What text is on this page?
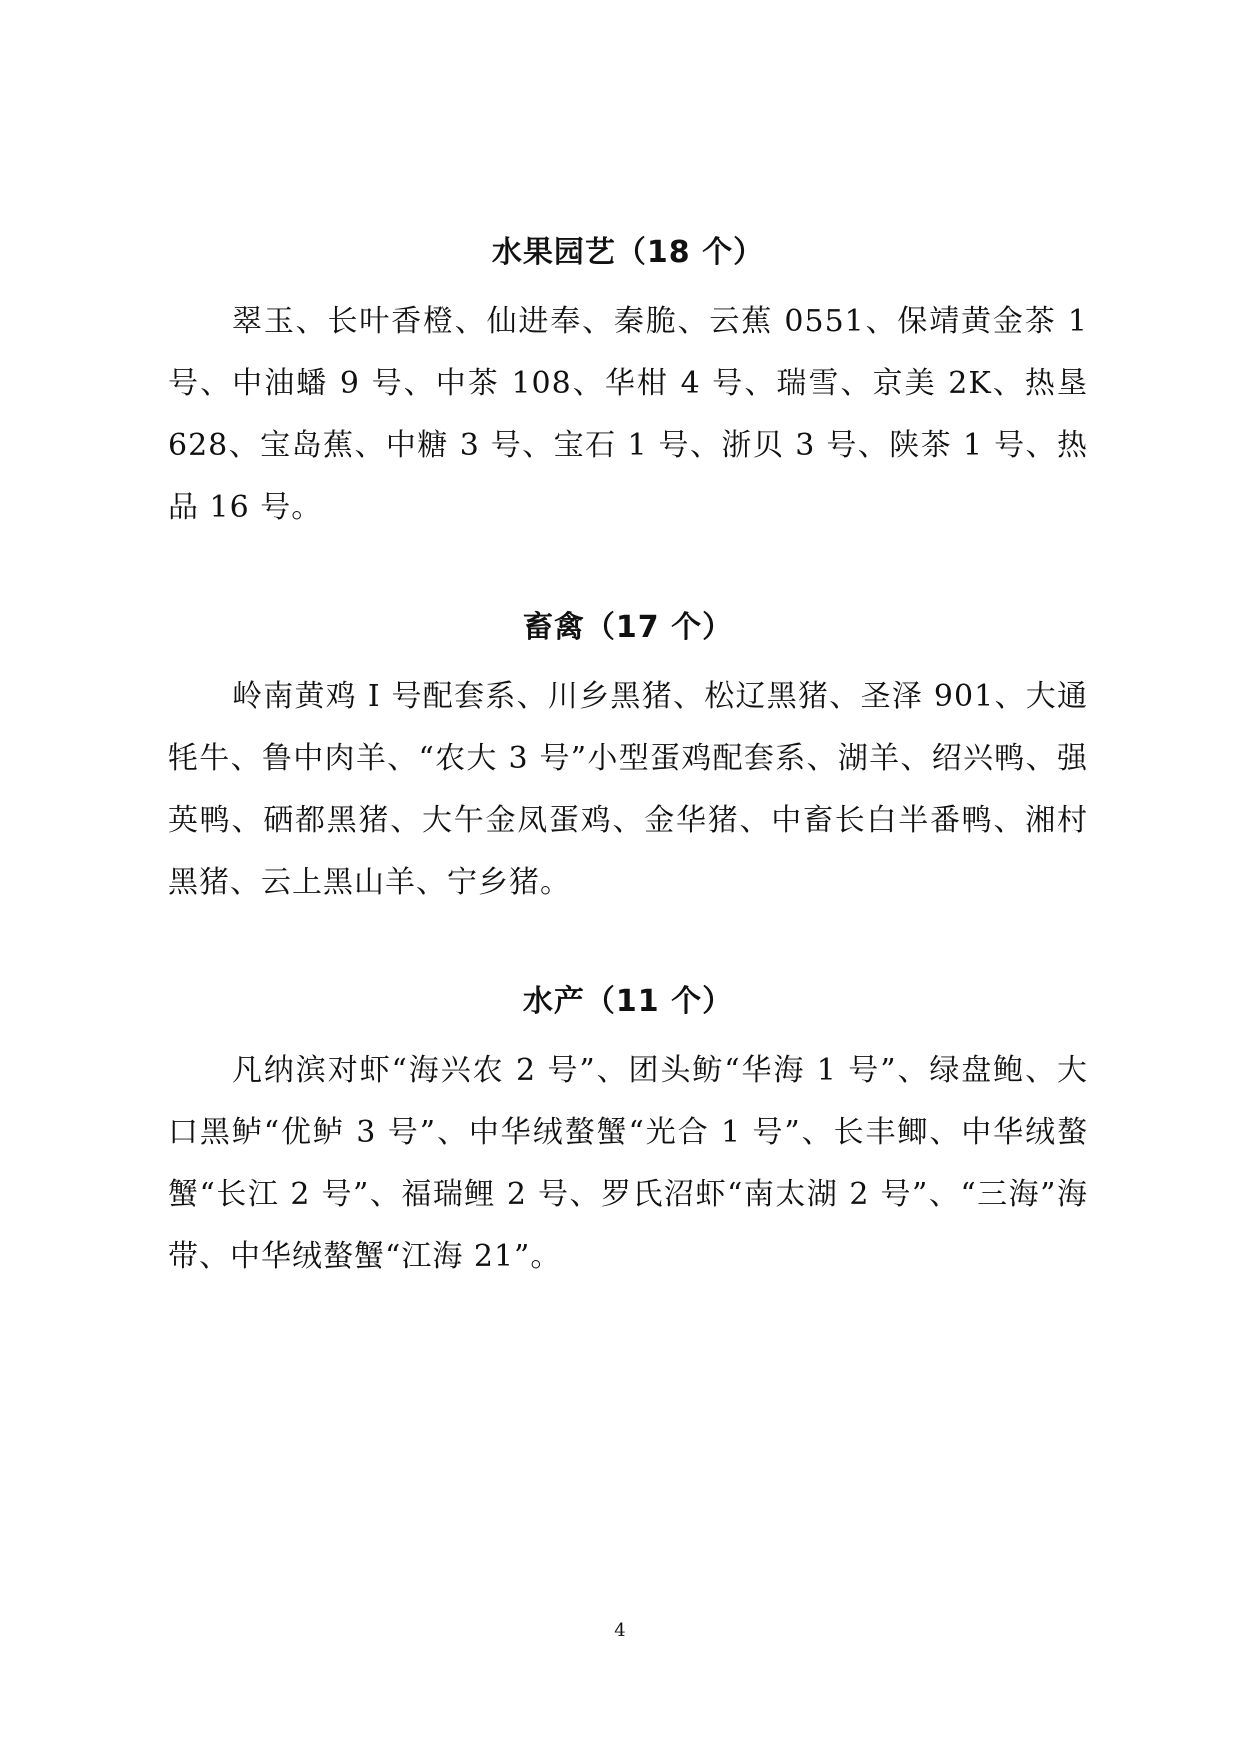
水果园艺（18 个）

翠玉、长叶香橙、仙进奉、秦脆、云蕉 0551、保靖黄金茶 1 号、中油蟠 9 号、中茶 108、华柑 4 号、瑞雪、京美 2K、热垦 628、宝岛蕉、中糖 3 号、宝石 1 号、浙贝 3 号、陕茶 1 号、热品 16 号。

畜禽（17 个）

岭南黄鸡 I 号配套系、川乡黑猪、松辽黑猪、圣泽 901、大通牦牛、鲁中肉羊、“农大 3 号”小型蛋鸡配套系、湖羊、绍兴鸭、强英鸭、硒都黑猪、大午金凤蛋鸡、金华猪、中畜长白半番鸭、湘村黑猪、云上黑山羊、宁乡猪。

水产（11 个）

凡纳滨对虾“海兴农 2 号”、团头鲂“华海 1 号”、绿盘鲍、大口黑鲈“优鲈 3 号”、中华绒螯蟹“光合 1 号”、长丰鲫、中华绒螯蟹“长江 2 号”、福瑞鲤 2 号、罗氏沼虾“南太湖 2 号”、“三海”海带、中华绒螯蟹“江海 21”。

4
